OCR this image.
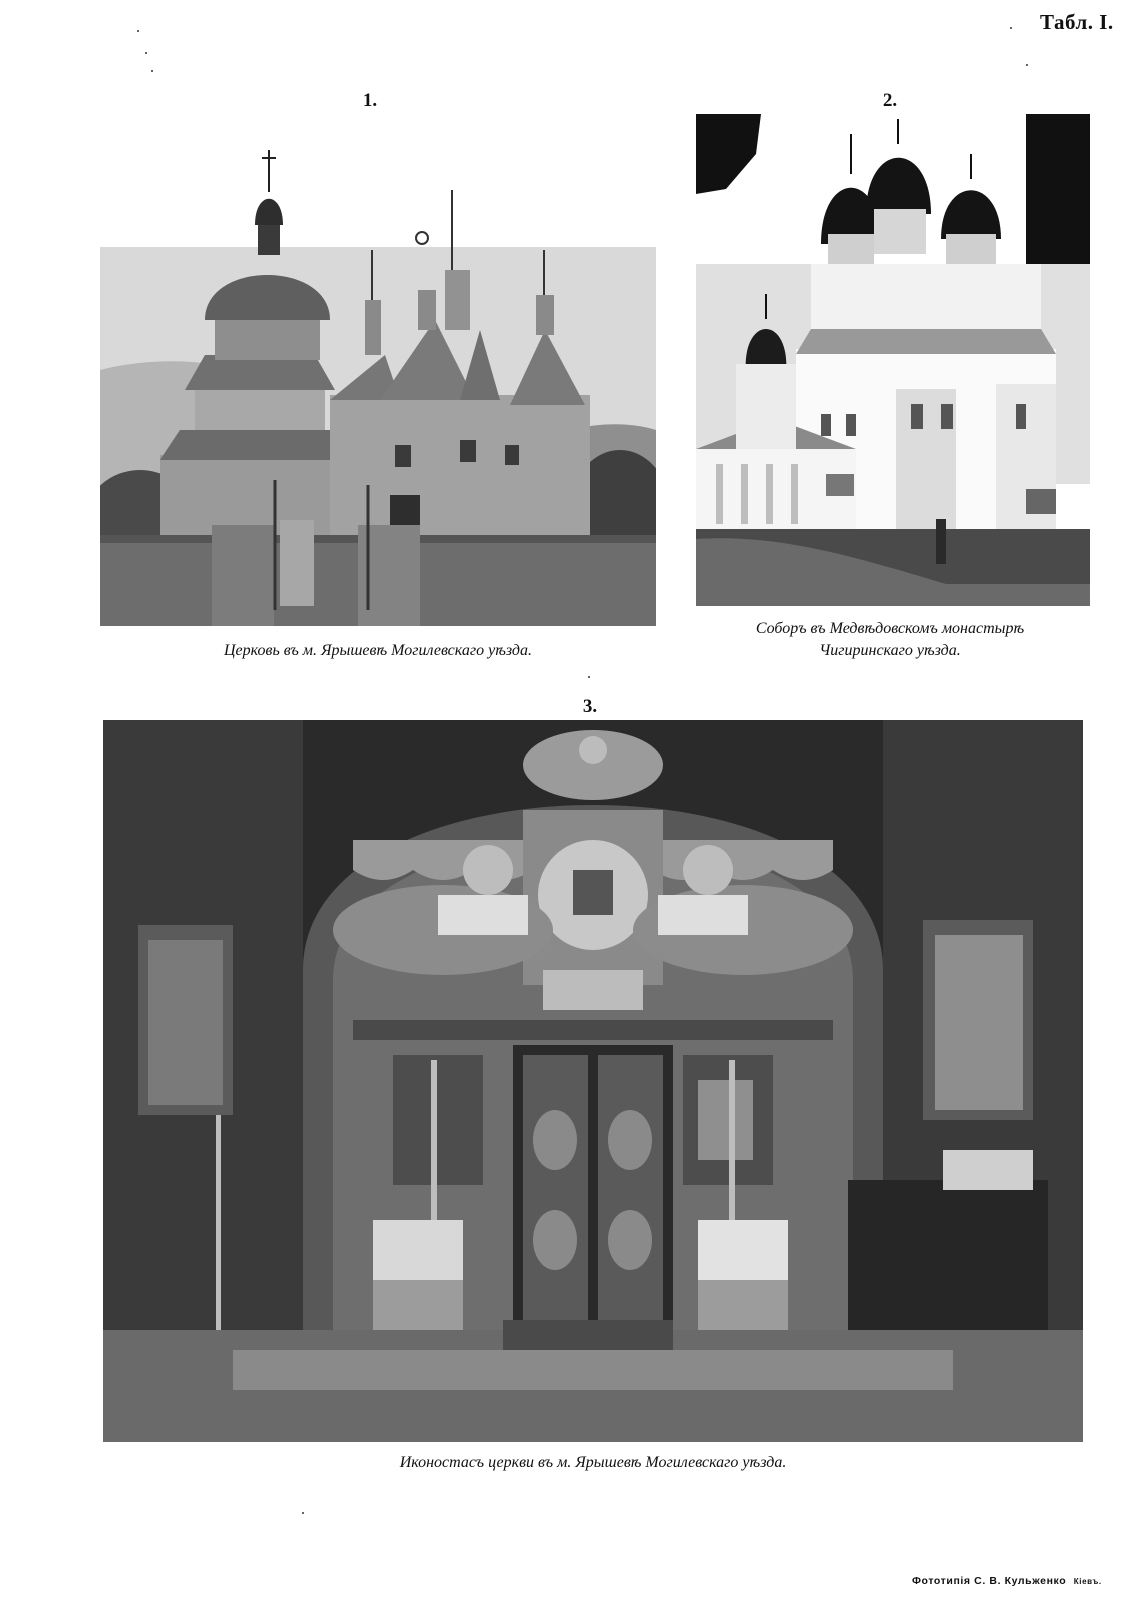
Табл. I.
1.
Церковь въ м. Ярышевѣ Могилевскаго уѣзда.
2.
Соборъ въ Медвѣдовскомъ монастырѣ
Чигиринскаго уѣзда.
3.
Иконостасъ церкви въ м. Ярышевѣ Могилевскаго уѣзда.
Фототипія С. В. Кульженко Кіевъ.
